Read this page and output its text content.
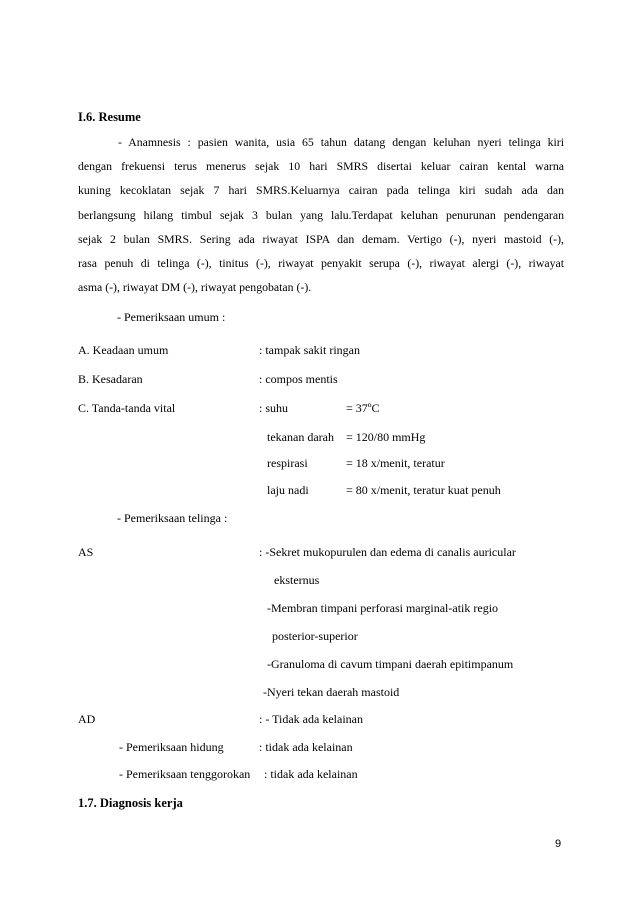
I.6. Resume
- Anamnesis : pasien wanita, usia 65 tahun datang dengan keluhan nyeri telinga kiri
dengan frekuensi terus menerus sejak 10 hari SMRS disertai keluar cairan kental warna
kuning kecoklatan sejak 7 hari SMRS.Keluarnya cairan pada telinga kiri sudah ada dan
berlangsung hilang timbul sejak 3 bulan yang lalu.Terdapat keluhan penurunan pendengaran
sejak 2 bulan SMRS. Sering ada riwayat ISPA dan demam. Vertigo (-), nyeri mastoid (-),
rasa penuh di telinga (-), tinitus (-), riwayat penyakit serupa (-), riwayat alergi (-), riwayat
asma (-), riwayat DM (-), riwayat pengobatan (-).
- Pemeriksaan umum :
A. Keadaan umum	: tampak sakit ringan
B. Kesadaran	: compos mentis
C. Tanda-tanda vital	: suhu	= 37ºC
tekanan darah = 120/80 mmHg
respirasi	= 18 x/menit, teratur
laju nadi	= 80 x/menit, teratur kuat penuh
- Pemeriksaan telinga :
AS	: -Sekret mukopurulen dan edema di canalis auricular
eksternus
-Membran timpani perforasi marginal-atik regio
posterior-superior
-Granuloma di cavum timpani daerah epitimpanum
-Nyeri tekan daerah mastoid
AD	: - Tidak ada kelainan
- Pemeriksaan hidung	: tidak ada kelainan
- Pemeriksaan tenggorokan : tidak ada kelainan
1.7. Diagnosis kerja
9
